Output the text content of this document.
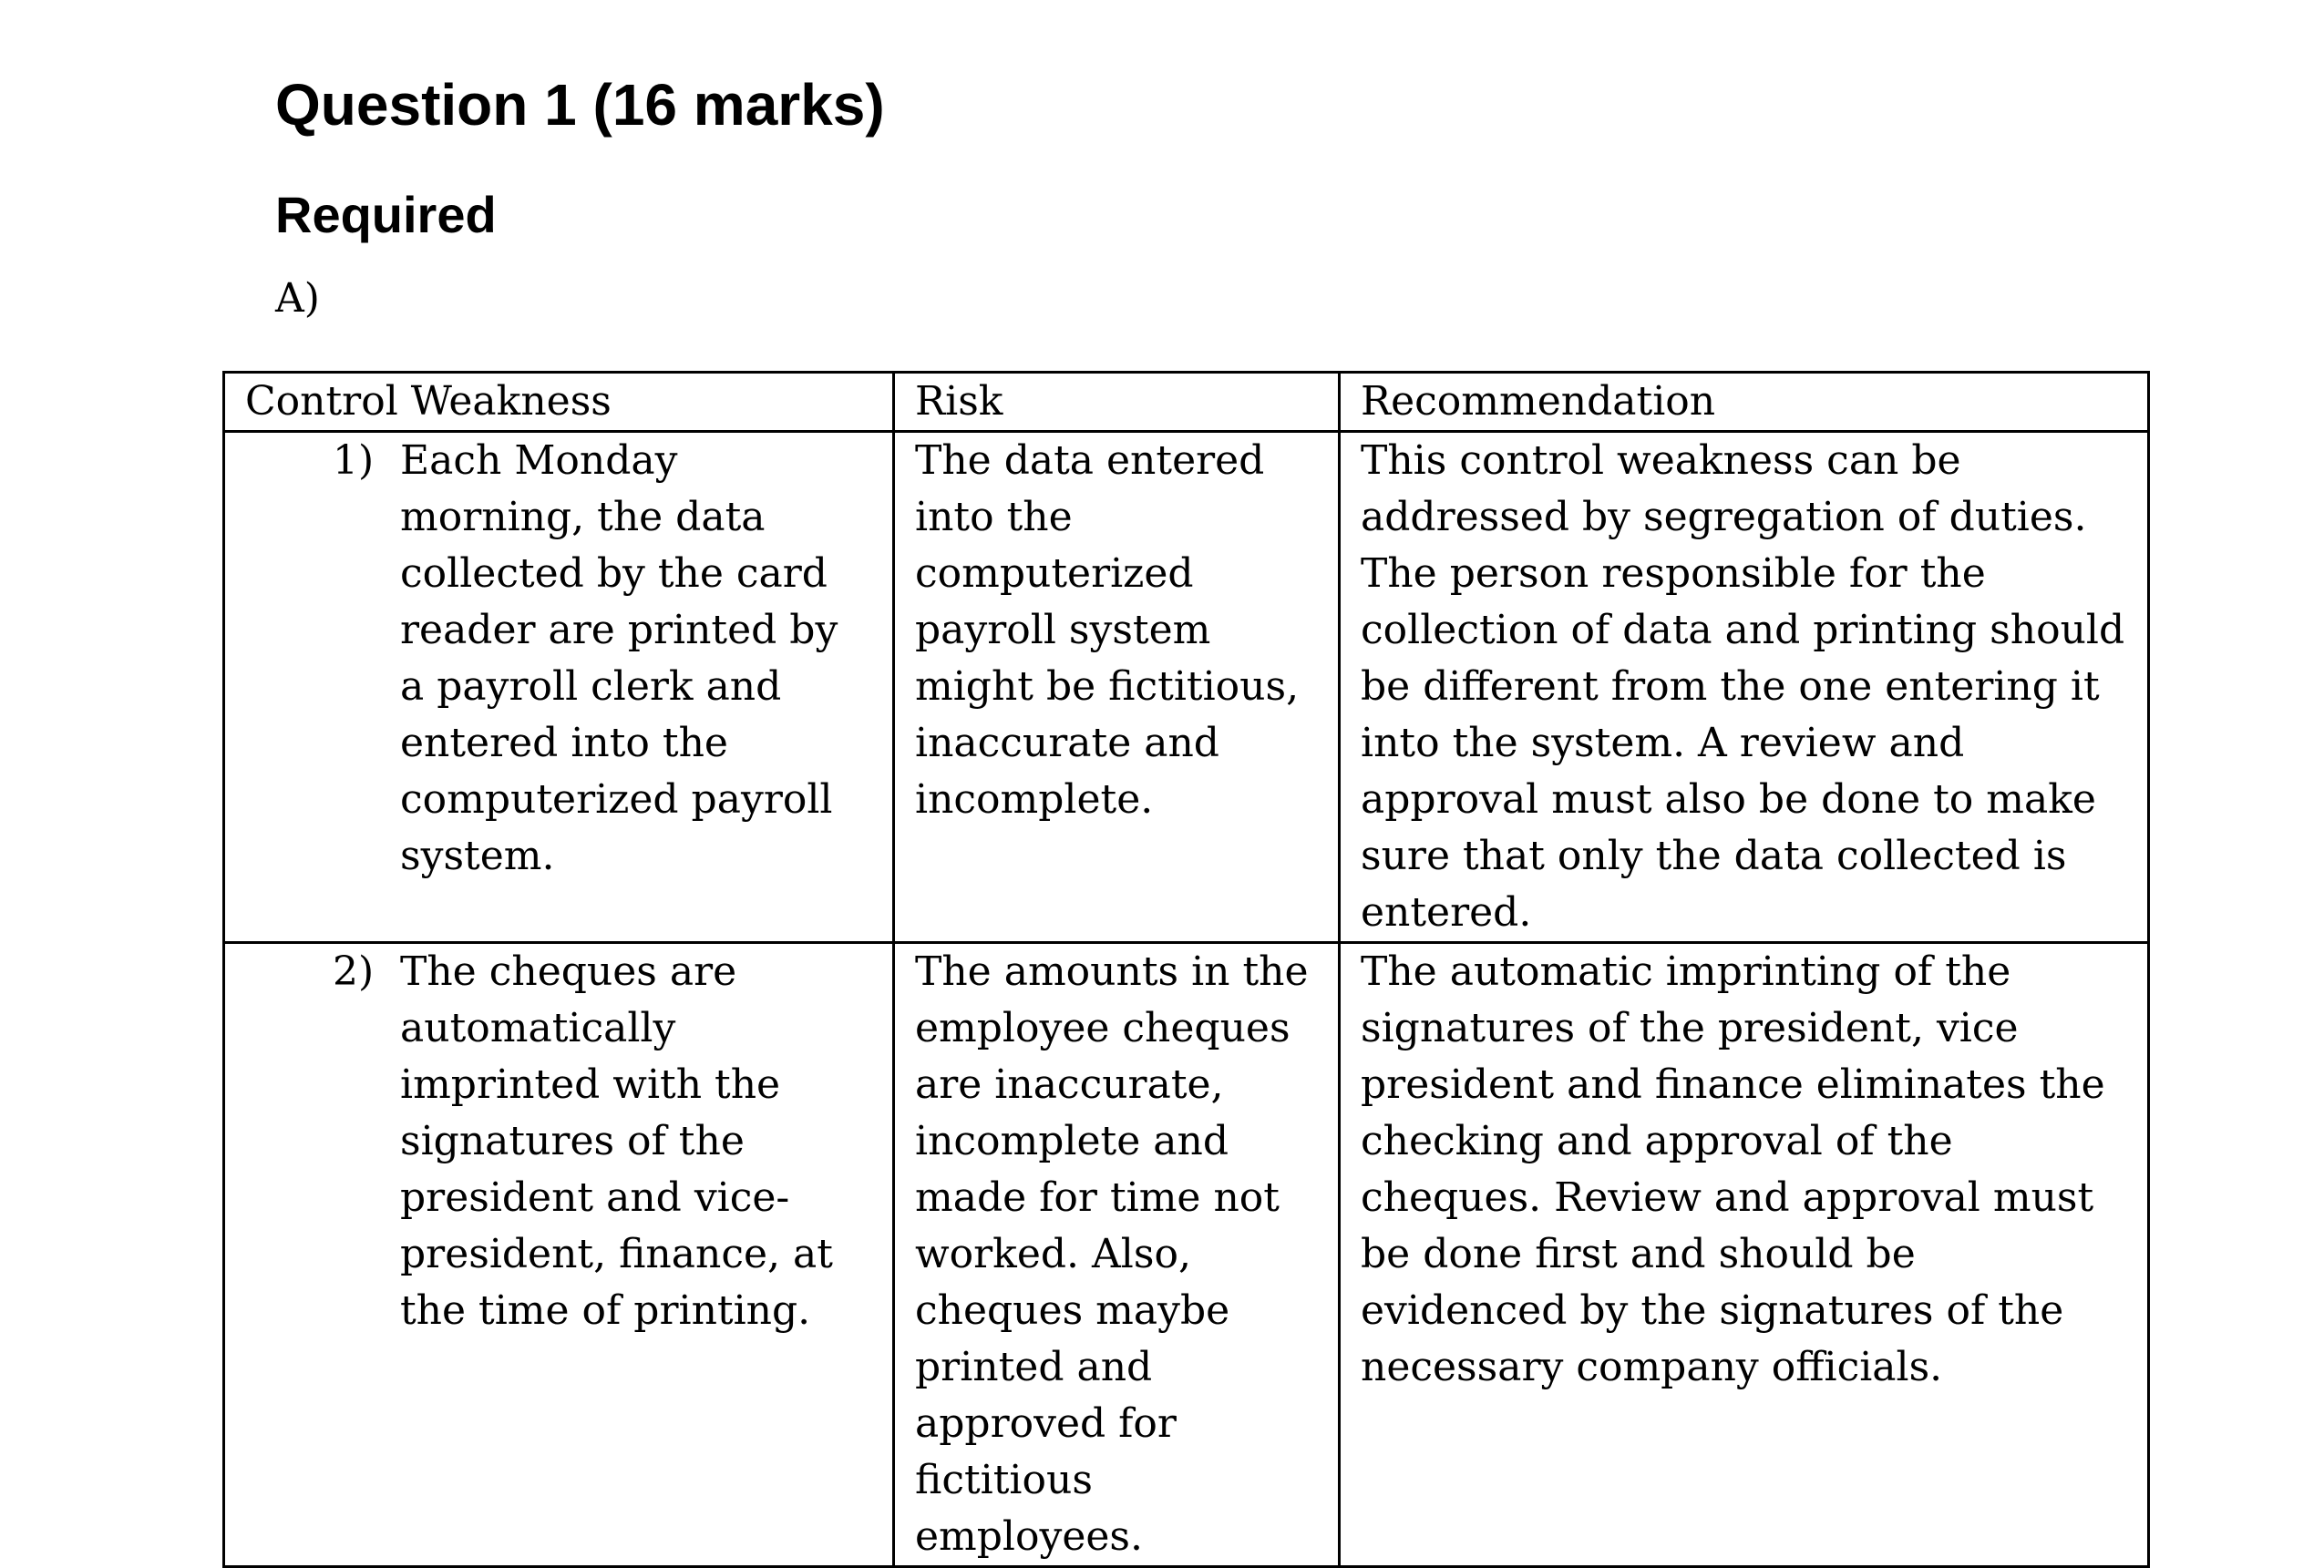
Question 1 (16 marks)
Required

A)

Control Weakness	Risk	Recommendation

1) Each Monday morning, the data collected by the card reader are printed by a payroll clerk and entered into the computerized payroll system.	The data entered into the computerized payroll system might be fictitious, inaccurate and incomplete.	This control weakness can be addressed by segregation of duties. The person responsible for the collection of data and printing should be different from the one entering it into the system. A review and approval must also be done to make sure that only the data collected is entered.

2) The cheques are automatically imprinted with the signatures of the president and vice-president, finance, at the time of printing.	The amounts in the employee cheques are inaccurate, incomplete and made for time not worked. Also, cheques maybe printed and approved for fictitious employees.	The automatic imprinting of the signatures of the president, vice president and finance eliminates the checking and approval of the cheques. Review and approval must be done first and should be evidenced by the signatures of the necessary company officials.
